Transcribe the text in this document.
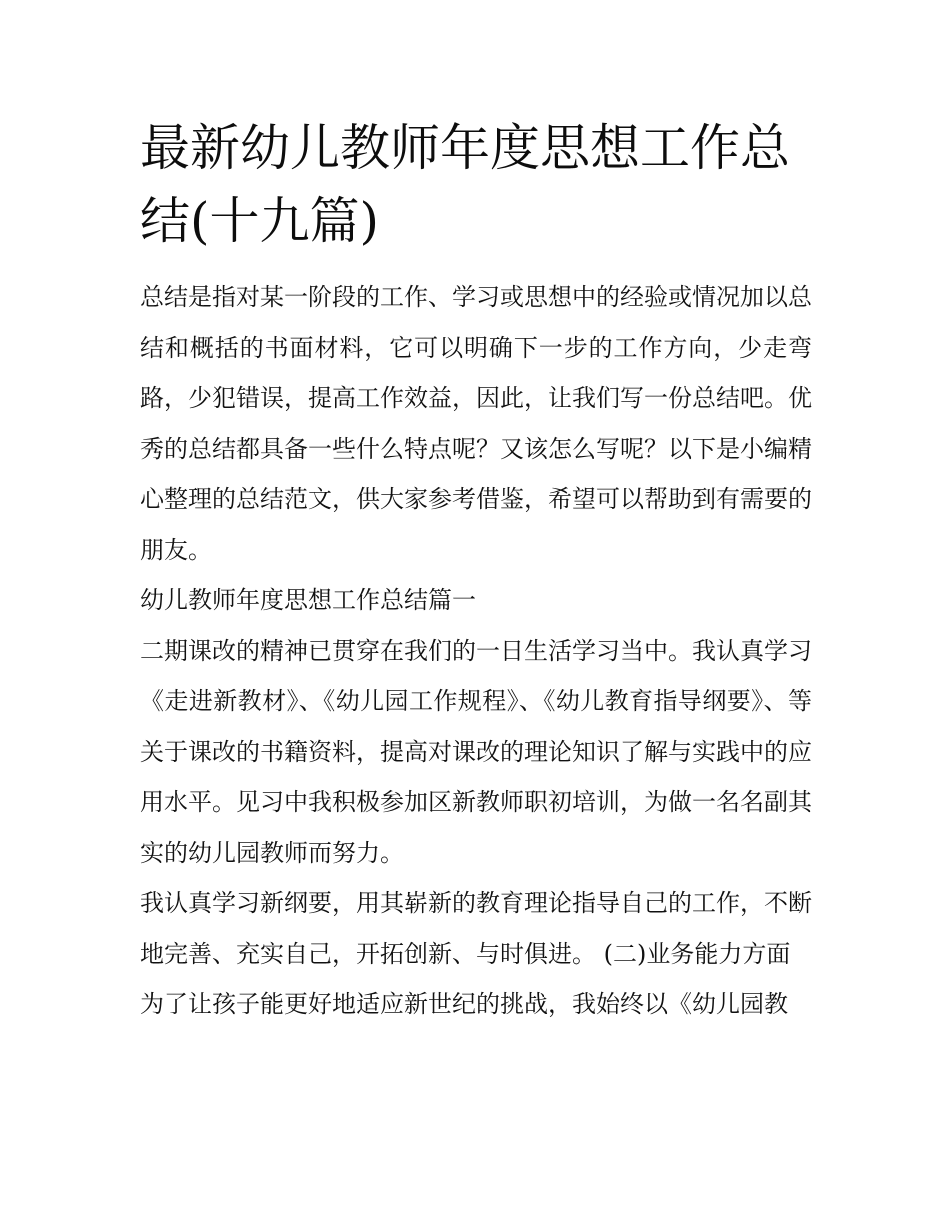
最新幼儿教师年度思想工作总结(十九篇)

总结是指对某一阶段的工作、学习或思想中的经验或情况加以总结和概括的书面材料，它可以明确下一步的工作方向，少走弯路，少犯错误，提高工作效益，因此，让我们写一份总结吧。优秀的总结都具备一些什么特点呢？又该怎么写呢？以下是小编精心整理的总结范文，供大家参考借鉴，希望可以帮助到有需要的朋友。

幼儿教师年度思想工作总结篇一

二期课改的精神已贯穿在我们的一日生活学习当中。我认真学习《走进新教材》、《幼儿园工作规程》、《幼儿教育指导纲要》、等关于课改的书籍资料，提高对课改的理论知识了解与实践中的应用水平。见习中我积极参加区新教师职初培训，为做一名名副其实的幼儿园教师而努力。

我认真学习新纲要，用其崭新的教育理论指导自己的工作，不断地完善、充实自己，开拓创新、与时俱进。 (二)业务能力方面

为了让孩子能更好地适应新世纪的挑战，我始终以《幼儿园教
